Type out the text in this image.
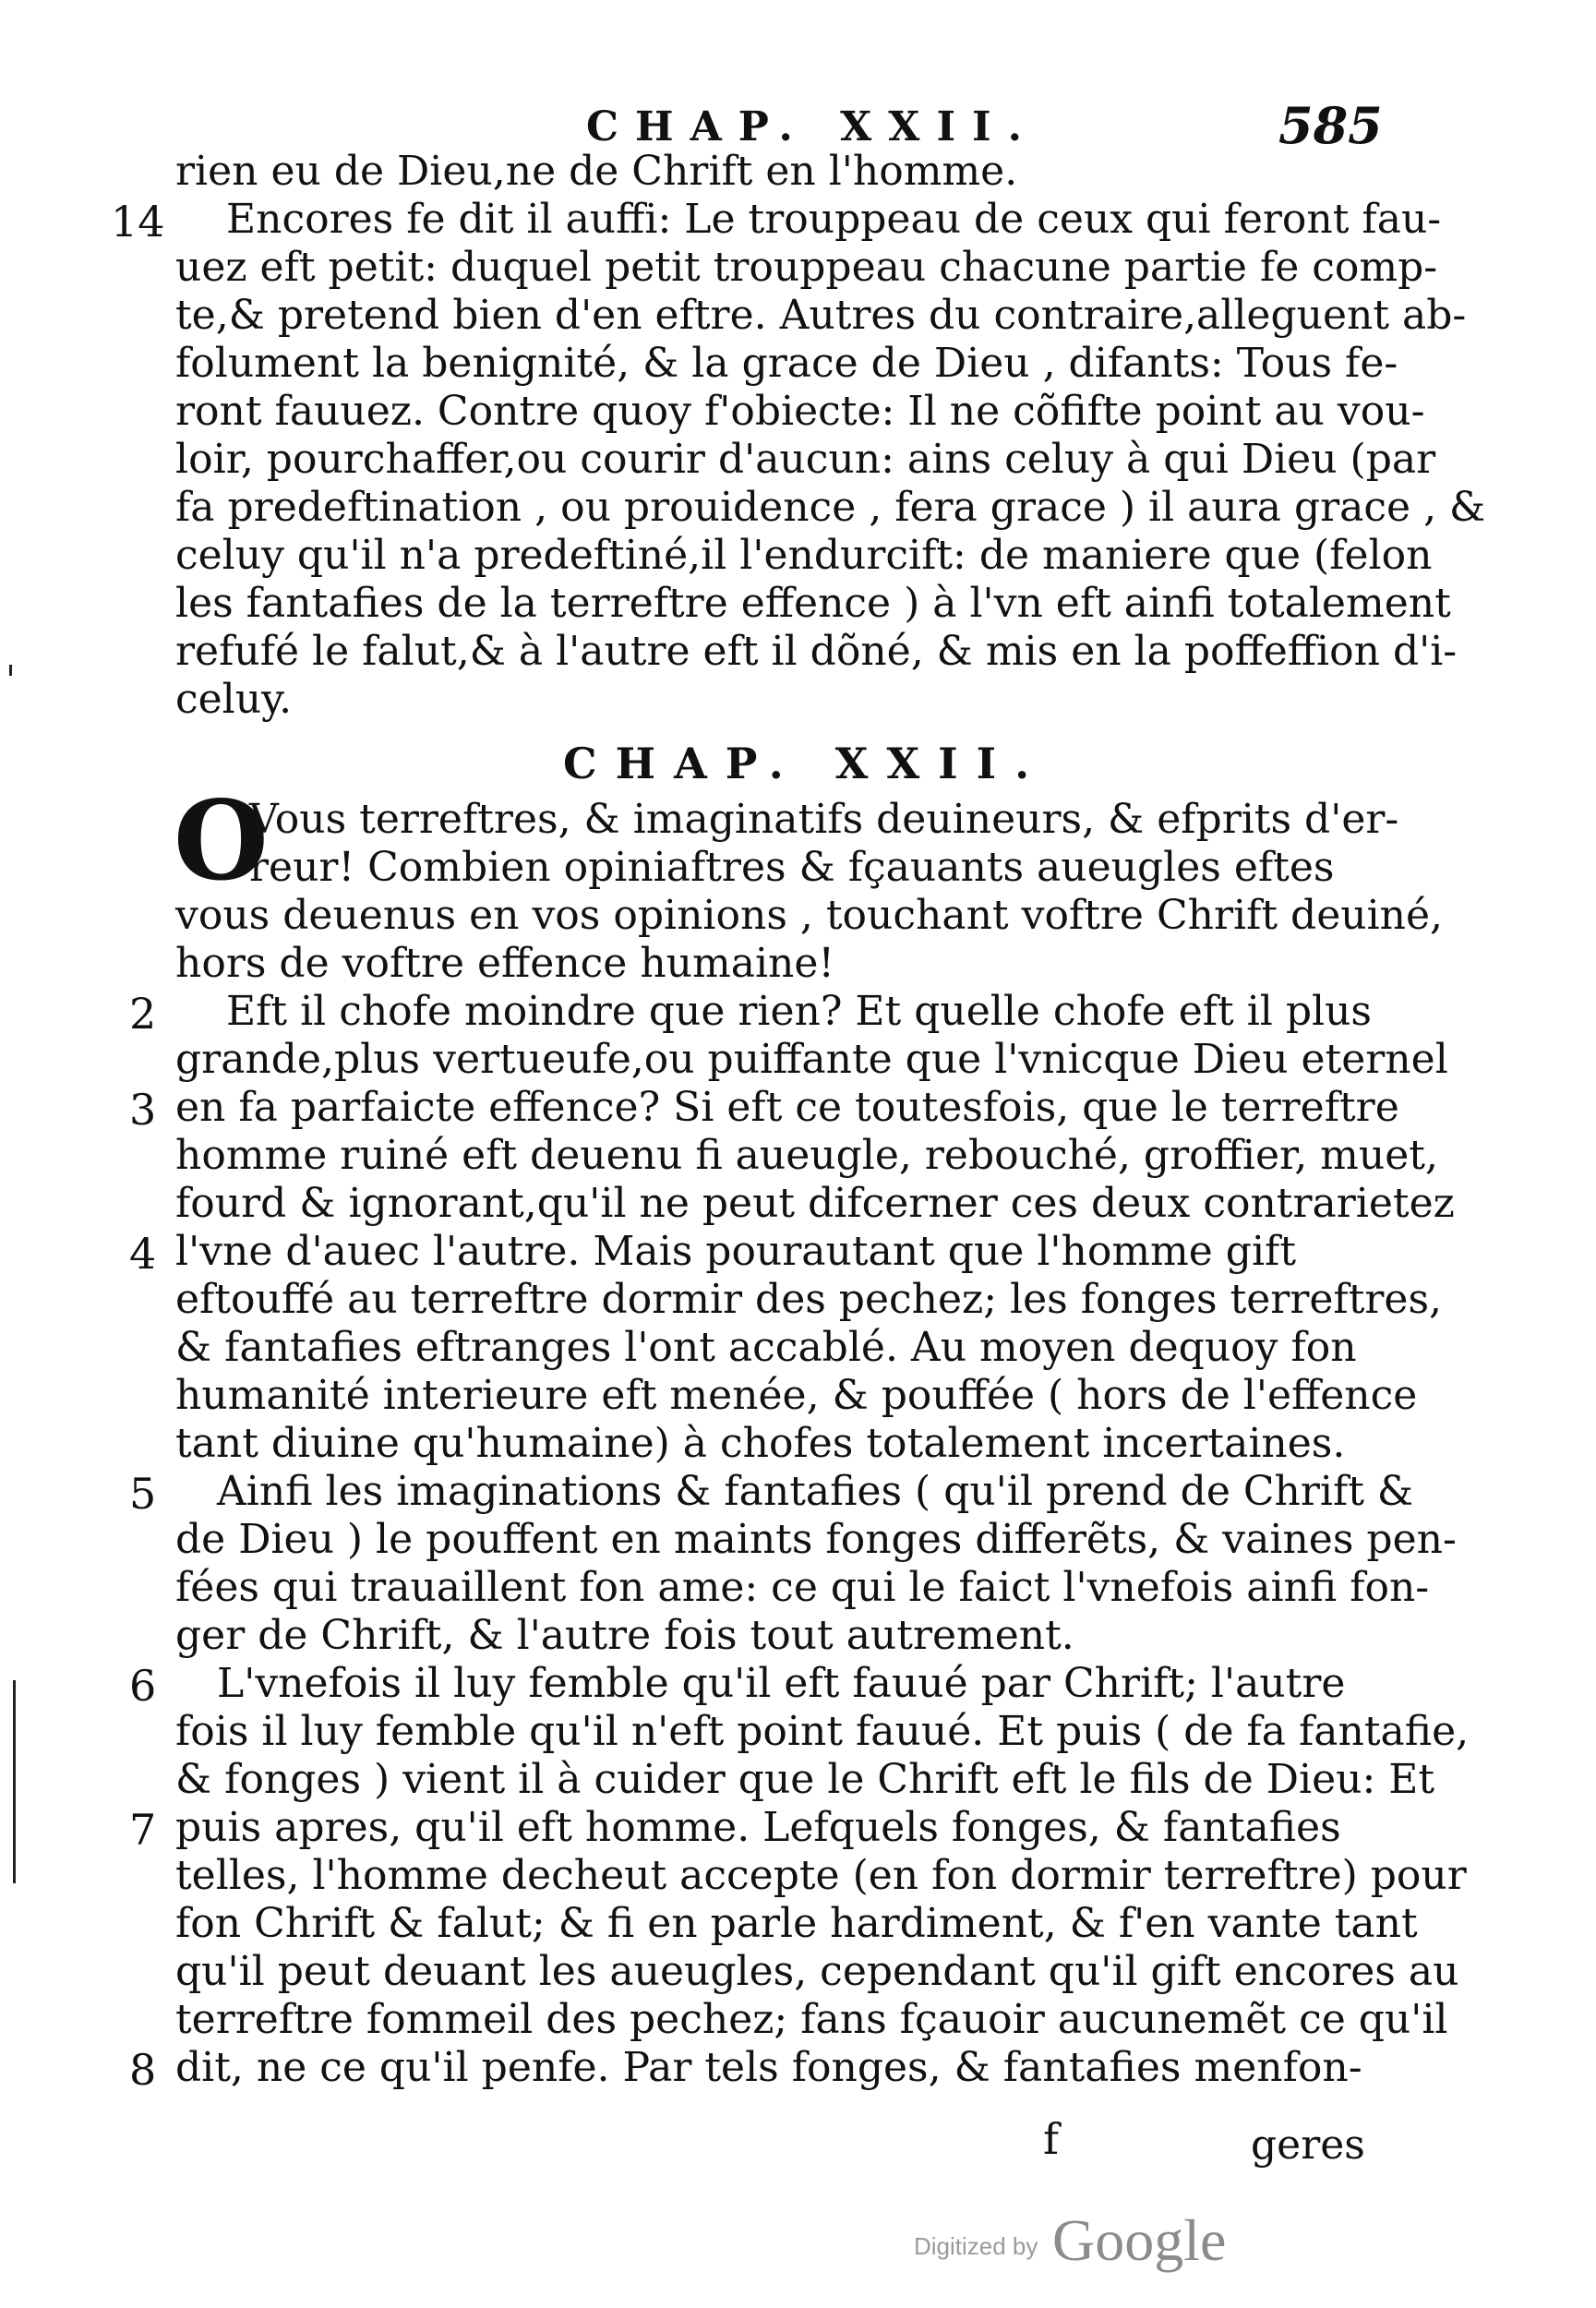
CHAP. XXII.	585
rien eu de Dieu,ne de Chrift en l'homme.
Encores fe dit il auffi: Le trouppeau de ceux qui feront fau-
uez eft petit: duquel petit trouppeau chacune partie fe comp-
te,& pretend bien d'en eftre. Autres du contraire,alleguent ab-
folument la benignité, & la grace de Dieu , difants: Tous fe-
ront fauuez. Contre quoy f'obiecte: Il ne cõfifte point au vou-
loir, pourchaffer,ou courir d'aucun: ains celuy à qui Dieu (par
fa predeftination , ou prouidence , fera grace ) il aura grace , &
celuy qu'il n'a predeftiné,il l'endurcift: de maniere que (felon
les fantafies de la terreftre effence ) à l'vn eft ainfi totalement
refufé le falut,& à l'autre eft il dõné, & mis en la poffeffion d'i-
celuy.
CHAP. XXII.
O
Vous terreftres, & imaginatifs deuineurs, & efprits d'er-
reur! Combien opiniaftres & fçauants aueugles eftes
vous deuenus en vos opinions , touchant voftre Chrift deuiné,
hors de voftre effence humaine!
Eft il chofe moindre que rien? Et quelle chofe eft il plus
grande,plus vertueufe,ou puiffante que l'vnicque Dieu eternel
en fa parfaicte effence? Si eft ce toutesfois, que le terreftre
homme ruiné eft deuenu fi aueugle, rebouché, groffier, muet,
fourd & ignorant,qu'il ne peut difcerner ces deux contrarietez
l'vne d'auec l'autre. Mais pourautant que l'homme gift
eftouffé au terreftre dormir des pechez; les fonges terreftres,
& fantafies eftranges l'ont accablé. Au moyen dequoy fon
humanité interieure eft menée, & pouffée ( hors de l'effence
tant diuine qu'humaine) à chofes totalement incertaines.
Ainfi les imaginations & fantafies ( qu'il prend de Chrift &
de Dieu ) le pouffent en maints fonges differẽts, & vaines pen-
fées qui trauaillent fon ame: ce qui le faict l'vnefois ainfi fon-
ger de Chrift, & l'autre fois tout autrement.
L'vnefois il luy femble qu'il eft fauué par Chrift; l'autre
fois il luy femble qu'il n'eft point fauué. Et puis ( de fa fantafie,
& fonges ) vient il à cuider que le Chrift eft le fils de Dieu: Et
puis apres, qu'il eft homme. Lefquels fonges, & fantafies
telles, l'homme decheut accepte (en fon dormir terreftre) pour
fon Chrift & falut; & fi en parle hardiment, & f'en vante tant
qu'il peut deuant les aueugles, cependant qu'il gift encores au
terreftre fommeil des pechez; fans fçauoir aucunemẽt ce qu'il
dit, ne ce qu'il penfe. Par tels fonges, & fantafies menfon-
14
2
3
4
5
6
7
8
f	geres
Digitized by Google
